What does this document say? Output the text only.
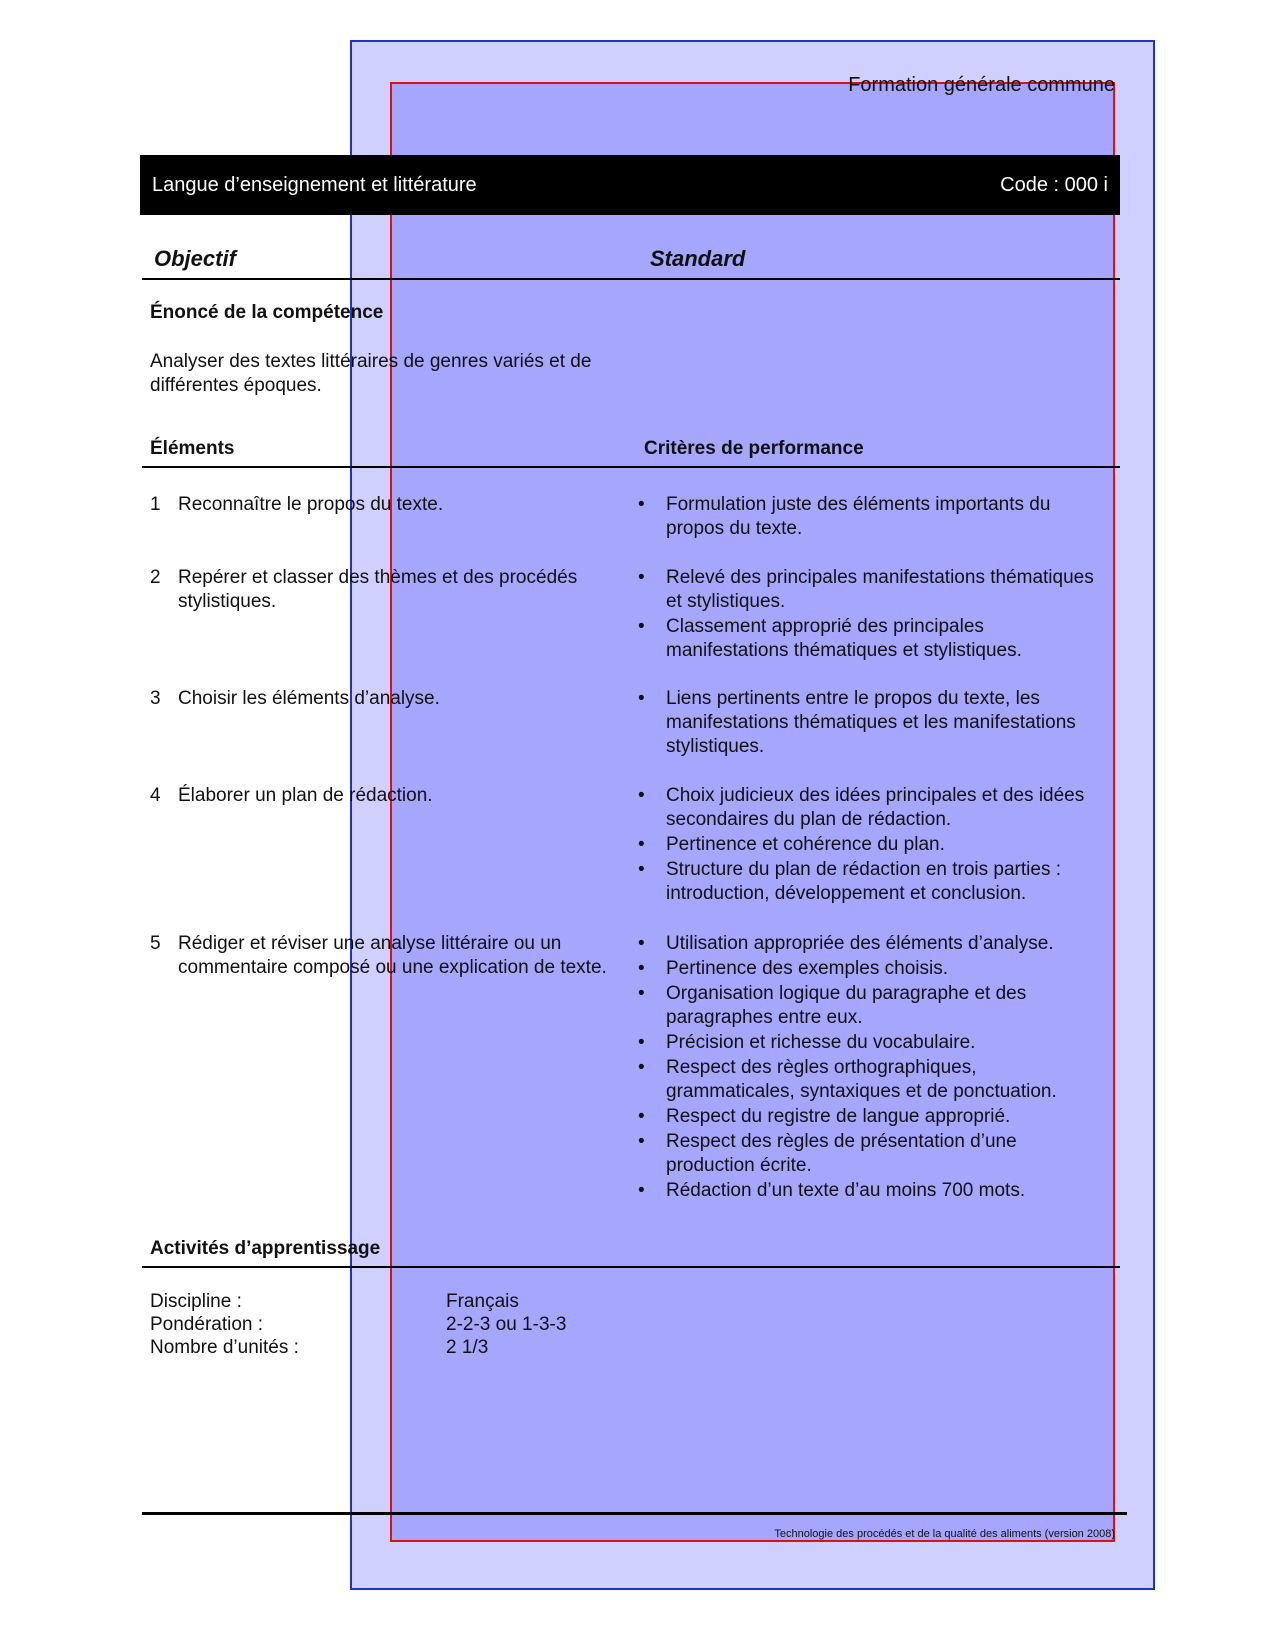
Formation générale commune
Langue d’enseignement et littérature	Code : 000 i
Objectif	Standard
Énoncé de la compétence
Analyser des textes littéraires de genres variés et de différentes époques.
Éléments	Critères de performance
1 Reconnaître le propos du texte.	• Formulation juste des éléments importants du propos du texte.
2 Repérer et classer des thèmes et des procédés stylistiques.
• Relevé des principales manifestations thématiques et stylistiques.
• Classement approprié des principales manifestations thématiques et stylistiques.
3 Choisir les éléments d’analyse.	• Liens pertinents entre le propos du texte, les manifestations thématiques et les manifestations stylistiques.
4 Élaborer un plan de rédaction.	• Choix judicieux des idées principales et des idées secondaires du plan de rédaction.
• Pertinence et cohérence du plan.
• Structure du plan de rédaction en trois parties : introduction, développement et conclusion.
5 Rédiger et réviser une analyse littéraire ou un commentaire composé ou une explication de texte.
• Utilisation appropriée des éléments d’analyse.
• Pertinence des exemples choisis.
• Organisation logique du paragraphe et des paragraphes entre eux.
• Précision et richesse du vocabulaire.
• Respect des règles orthographiques, grammaticales, syntaxiques et de ponctuation.
• Respect du registre de langue approprié.
• Respect des règles de présentation d’une production écrite.
• Rédaction d’un texte d’au moins 700 mots.
Activités d’apprentissage
Discipline :	Français
Pondération :	2-2-3 ou 1-3-3
Nombre d’unités :	2 1/3
Technologie des procédés et de la qualité des aliments (version 2008)
